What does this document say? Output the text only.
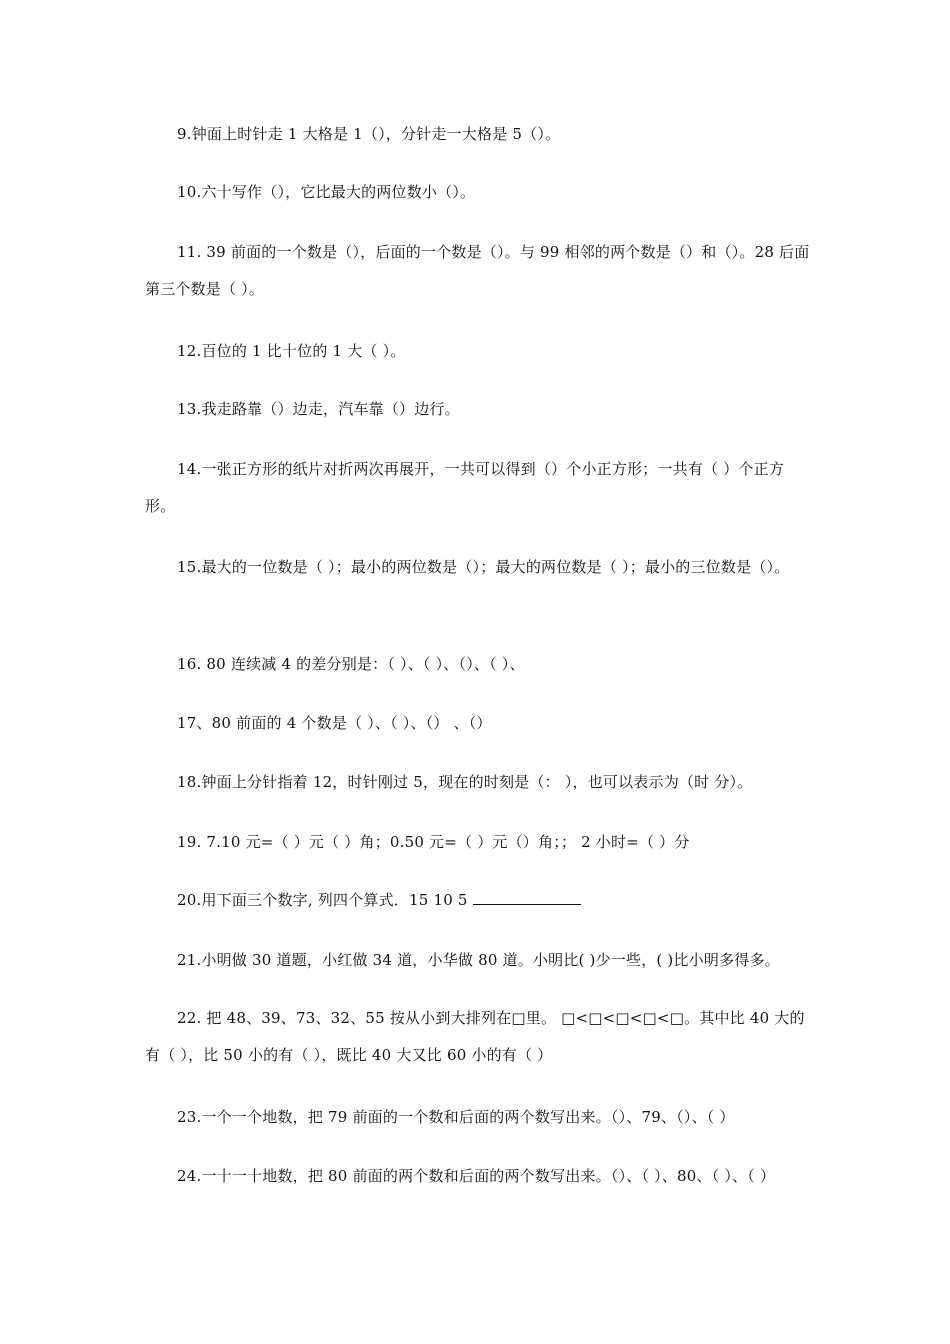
9.钟面上时针走 1 大格是 1（），分针走一大格是 5（）。
10.六十写作（），它比最大的两位数小（）。
11. 39 前面的一个数是（），后面的一个数是（）。与 99 相邻的两个数是（）和（）。28 后面第三个数是（ ）。
12.百位的 1 比十位的 1 大（ ）。
13.我走路靠（）边走，汽车靠（）边行。
14.一张正方形的纸片对折两次再展开，一共可以得到（）个小正方形；一共有（ ）个正方形。
15.最大的一位数是（ ）；最小的两位数是（）；最大的两位数是（ ）；最小的三位数是（）。
16. 80 连续减 4 的差分别是：（ ）、（ ）、（）、（ ）、
17、80 前面的 4 个数是（ ）、（ ）、（） 、（）
18.钟面上分针指着 12，时针刚过 5，现在的时刻是（： ），也可以表示为（时 分）。
19. 7.10 元=（ ）元（ ）角；0.50 元=（ ）元（）角；； 2 小时=（ ）分
20.用下面三个数字, 列四个算式．15 10 5
21.小明做 30 道题，小红做 34 道，小华做 80 道。小明比( )少一些，( )比小明多得多。
22. 把 48、39、73、32、55 按从小到大排列在□里。 □<□<□<□<□。其中比 40 大的有（ ），比 50 小的有（ ），既比 40 大又比 60 小的有（ ）
23.一个一个地数，把 79 前面的一个数和后面的两个数写出来。（）、79、（）、（ ）
24.一十一十地数，把 80 前面的两个数和后面的两个数写出来。（）、（ ）、80、（ ）、（ ）
